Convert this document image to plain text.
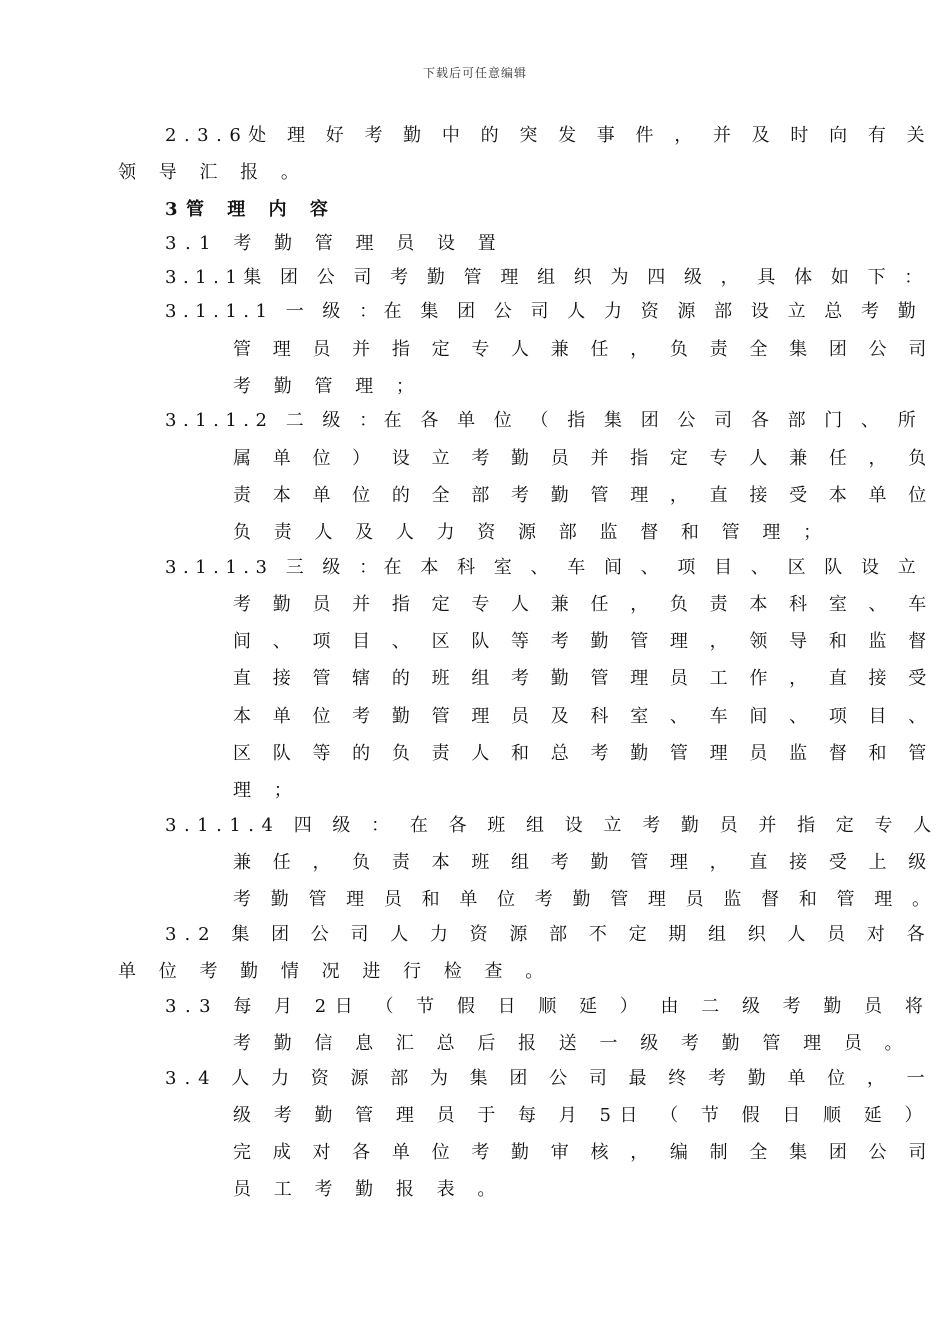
下载后可任意编辑
2.3.6处 理 好 考 勤 中 的 突 发 事 件 ， 并 及 时 向 有 关
领 导 汇 报 。
3管 理 内 容
3.1 考 勤 管 理 员 设 置
3.1.1集 团 公 司 考 勤 管 理 组 织 为 四 级 ， 具 体 如 下 ：
3.1.1.1 一 级 ：在 集 团 公 司 人 力 资 源 部 设 立 总 考 勤
管 理 员 并 指 定 专 人 兼 任 ， 负 责 全 集 团 公 司
考 勤 管 理 ；
3.1.1.2 二 级 ：在 各 单 位 （ 指 集 团 公 司 各 部 门 、 所
属 单 位 ） 设 立 考 勤 员 并 指 定 专 人 兼 任 ， 负
责 本 单 位 的 全 部 考 勤 管 理 ， 直 接 受 本 单 位
负 责 人 及 人 力 资 源 部 监 督 和 管 理 ；
3.1.1.3 三 级 ：在 本 科 室 、 车 间 、 项 目 、 区 队 设 立
考 勤 员 并 指 定 专 人 兼 任 ， 负 责 本 科 室 、 车
间 、 项 目 、 区 队 等 考 勤 管 理 ， 领 导 和 监 督
直 接 管 辖 的 班 组 考 勤 管 理 员 工 作 ， 直 接 受
本 单 位 考 勤 管 理 员 及 科 室 、 车 间 、 项 目 、
区 队 等 的 负 责 人 和 总 考 勤 管 理 员 监 督 和 管
理 ；
3.1.1.4 四 级 ： 在 各 班 组 设 立 考 勤 员 并 指 定 专 人
兼 任 ， 负 责 本 班 组 考 勤 管 理 ， 直 接 受 上 级
考 勤 管 理 员 和 单 位 考 勤 管 理 员 监 督 和 管 理 。
3.2 集 团 公 司 人 力 资 源 部 不 定 期 组 织 人 员 对 各
单 位 考 勤 情 况 进 行 检 查 。
3.3 每 月 2日 （ 节 假 日 顺 延 ） 由 二 级 考 勤 员 将
考 勤 信 息 汇 总 后 报 送 一 级 考 勤 管 理 员 。
3.4 人 力 资 源 部 为 集 团 公 司 最 终 考 勤 单 位 ， 一
级 考 勤 管 理 员 于 每 月 5日 （ 节 假 日 顺 延 ）
完 成 对 各 单 位 考 勤 审 核 ， 编 制 全 集 团 公 司
员 工 考 勤 报 表 。
